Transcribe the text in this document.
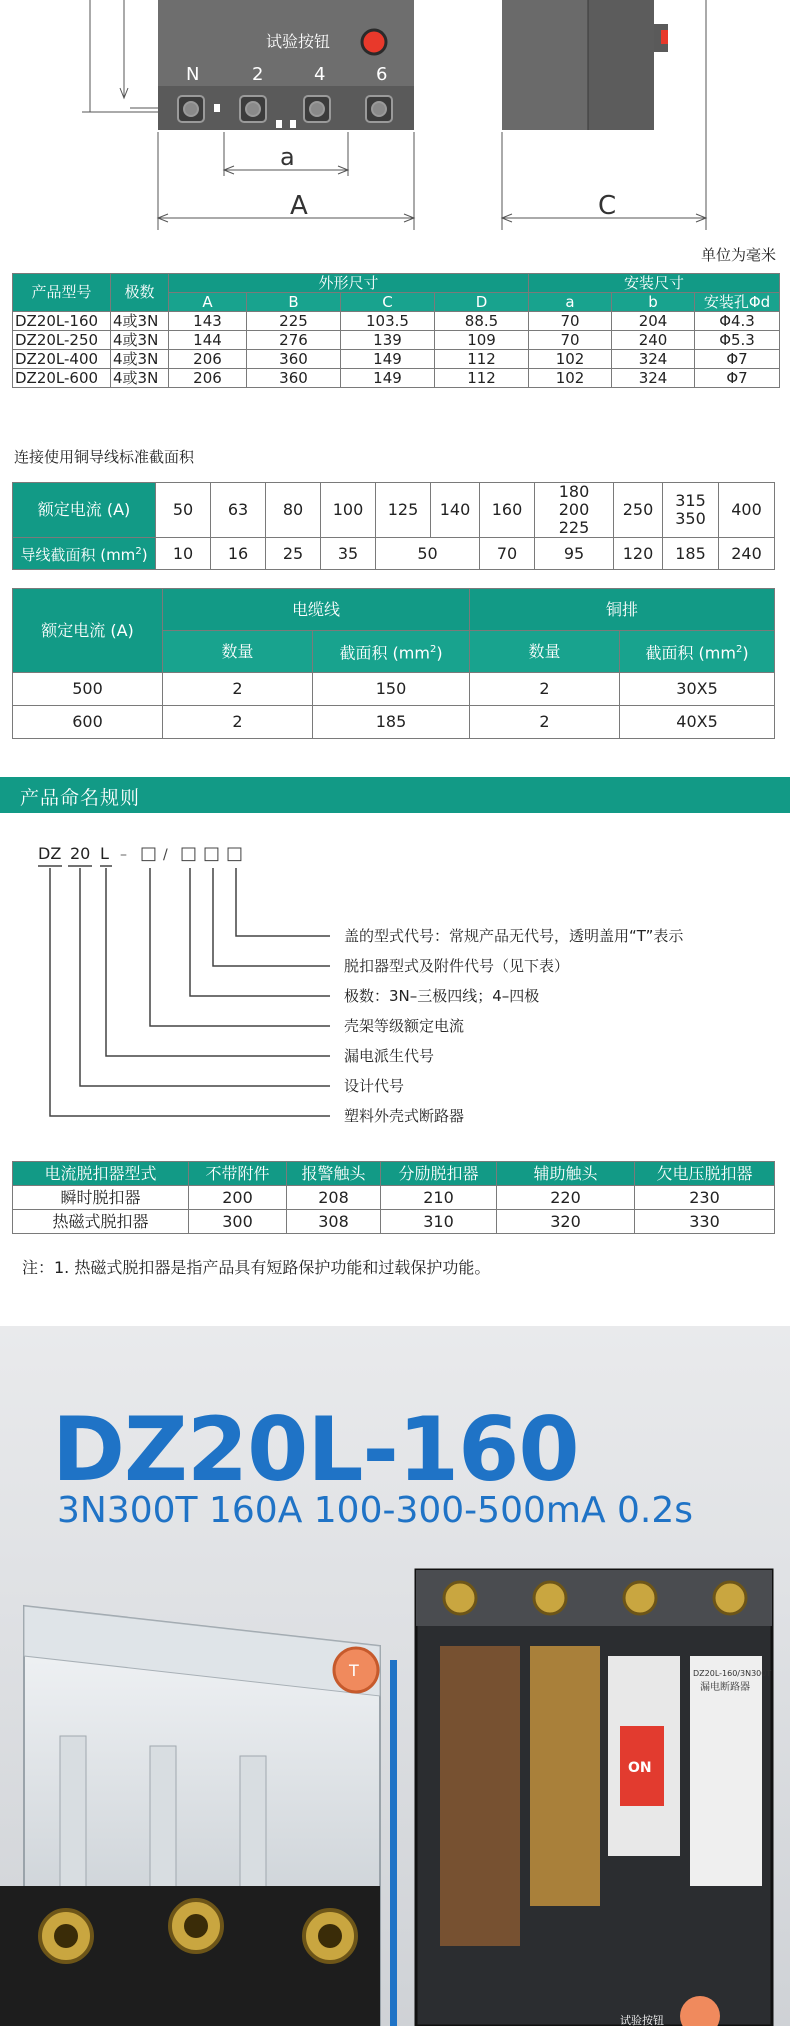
试验按钮
N	2	4	6
a
A	C
单位为毫米
产品型号	极数	外形尺寸				安装尺寸		
		A	B	C	D	a	b	安装孔Φd
DZ20L-160	4或3N	143	225	103.5	88.5	70	204	Φ4.3
DZ20L-250	4或3N	144	276	139	109	70	240	Φ5.3
DZ20L-400	4或3N	206	360	149	112	102	324	Φ7
DZ20L-600	4或3N	206	360	149	112	102	324	Φ7
连接使用铜导线标准截面积
额定电流 (A)	50	63	80	100	125	140	160	180 200 225	250	315 350	400
导线截面积 $(mm^2)$	10	16	25	35	50		70	95	120	185	240
额定电流 (A)	电缆线		铜排	
	数量	截面积 $(mm^2)$	数量	截面积 $(mm^2)$
500	2	150	2	30X5
600	2	185	2	40X5
产品命名规则
DZ 20 L – □ / □ □ □
盖的型式代号：常规产品无代号，透明盖用“T”表示
脱扣器型式及附件代号（见下表）
极数：3N–三极四线；4–四极
壳架等级额定电流
漏电派生代号
设计代号
塑料外壳式断路器
电流脱扣器型式	不带附件	报警触头	分励脱扣器	辅助触头	欠电压脱扣器
瞬时脱扣器	200	208	210	220	230
热磁式脱扣器	300	308	310	320	330
注：1. 热磁式脱扣器是指产品具有短路保护功能和过载保护功能。
T
ON
DZ20L-160/3N300T
漏电断路器
试验按钮
DZ20L-160
3N300T 160A 100-300-500mA 0.2s
